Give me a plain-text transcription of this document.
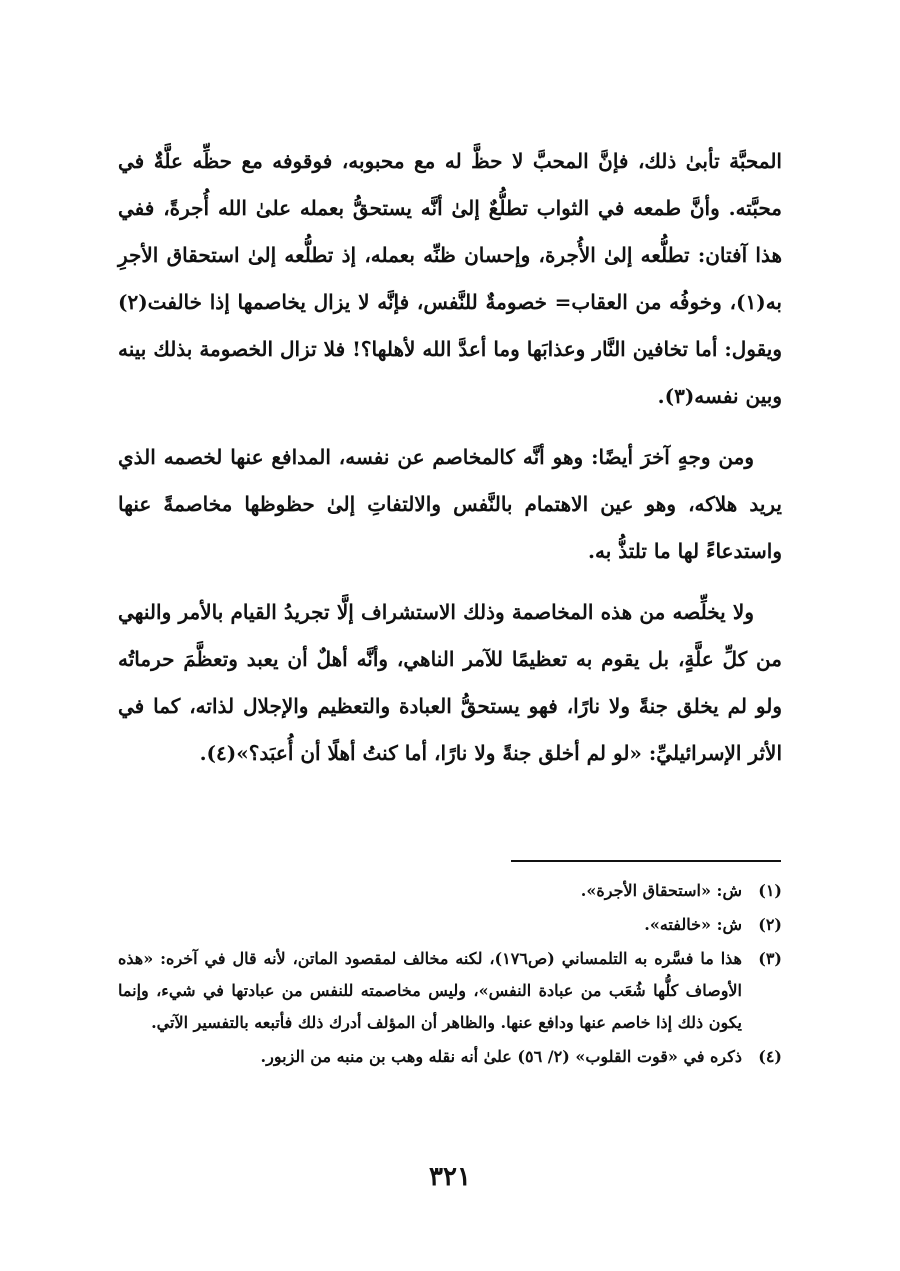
المحبَّة تأبىٰ ذلك، فإنَّ المحبَّ لا حظَّ له مع محبوبه، فوقوفه مع حظِّه علَّةٌ في محبَّته. وأنَّ طمعه في الثواب تطلُّعٌ إلىٰ أنَّه يستحقُّ بعمله علىٰ الله أُجرةً، ففي هذا آفتان: تطلُّعه إلىٰ الأُجرة، وإحسان ظنِّه بعمله، إذ تطلُّعه إلىٰ استحقاق الأجرِ به(١)، وخوفُه من العقاب= خصومةٌ للنَّفس، فإنَّه لا يزال يخاصمها إذا خالفت(٢) ويقول: أما تخافين النَّار وعذابَها وما أعدَّ الله لأهلها؟! فلا تزال الخصومة بذلك بينه وبين نفسه(٣).

ومن وجهٍ آخرَ أيضًا: وهو أنَّه كالمخاصم عن نفسه، المدافع عنها لخصمه الذي يريد هلاكه، وهو عين الاهتمام بالنَّفس والالتفاتِ إلىٰ حظوظها مخاصمةً عنها واستدعاءً لها ما تلتذُّ به.

ولا يخلِّصه من هذه المخاصمة وذلك الاستشراف إلَّا تجريدُ القيام بالأمر والنهي من كلِّ علَّةٍ، بل يقوم به تعظيمًا للآمر الناهي، وأنَّه أهلٌ أن يعبد وتعظَّمَ حرماتُه ولو لم يخلق جنةً ولا نارًا، فهو يستحقُّ العبادة والتعظيم والإجلال لذاته، كما في الأثر الإسرائيليِّ: «لو لم أخلق جنةً ولا نارًا، أما كنتُ أهلًا أن أُعبَد؟»(٤).

(١)
ش: «استحقاق الأجرة».
(٢)
ش: «خالفته».
(٣)
هذا ما فسَّره به التلمساني (ص١٧٦)، لكنه مخالف لمقصود الماتن، لأنه قال في آخره: «هذه الأوصاف كلُّها شُعَب من عبادة النفس»، وليس مخاصمته للنفس من عبادتها في شيء، وإنما يكون ذلك إذا خاصم عنها ودافع عنها. والظاهر أن المؤلف أدرك ذلك فأتبعه بالتفسير الآتي.
(٤)
ذكره في «قوت القلوب» (٢/ ٥٦) علىٰ أنه نقله وهب بن منبه من الزبور.
٣٢١
